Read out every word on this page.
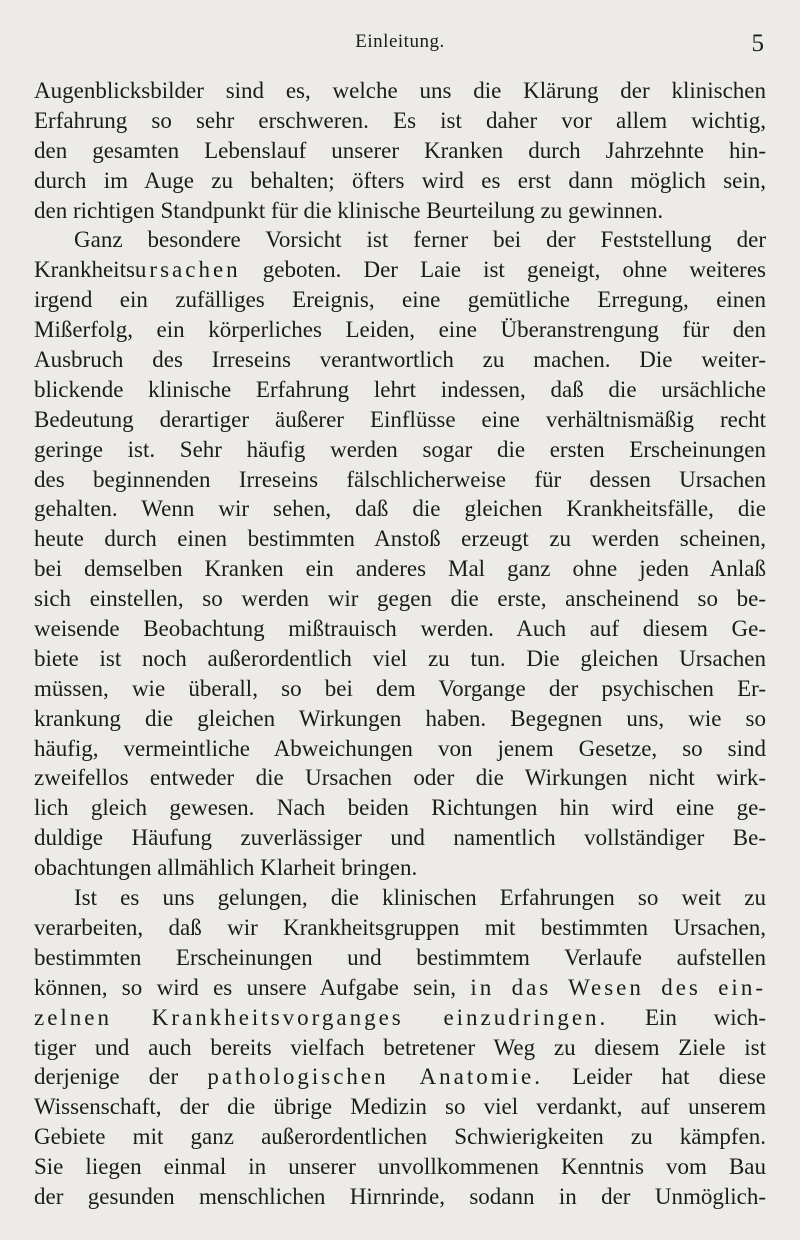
Einleitung.	5
Augenblicksbilder sind es, welche uns die Klärung der klinischen
Erfahrung so sehr erschweren. Es ist daher vor allem wichtig,
den gesamten Lebenslauf unserer Kranken durch Jahrzehnte hin-
durch im Auge zu behalten; öfters wird es erst dann möglich sein,
den richtigen Standpunkt für die klinische Beurteilung zu gewinnen.
Ganz besondere Vorsicht ist ferner bei der Feststellung der
Krankheitsursachen geboten. Der Laie ist geneigt, ohne weiteres
irgend ein zufälliges Ereignis, eine gemütliche Erregung, einen
Mißerfolg, ein körperliches Leiden, eine Überanstrengung für den
Ausbruch des Irreseins verantwortlich zu machen. Die weiter-
blickende klinische Erfahrung lehrt indessen, daß die ursächliche
Bedeutung derartiger äußerer Einflüsse eine verhältnismäßig recht
geringe ist. Sehr häufig werden sogar die ersten Erscheinungen
des beginnenden Irreseins fälschlicherweise für dessen Ursachen
gehalten. Wenn wir sehen, daß die gleichen Krankheitsfälle, die
heute durch einen bestimmten Anstoß erzeugt zu werden scheinen,
bei demselben Kranken ein anderes Mal ganz ohne jeden Anlaß
sich einstellen, so werden wir gegen die erste, anscheinend so be-
weisende Beobachtung mißtrauisch werden. Auch auf diesem Ge-
biete ist noch außerordentlich viel zu tun. Die gleichen Ursachen
müssen, wie überall, so bei dem Vorgange der psychischen Er-
krankung die gleichen Wirkungen haben. Begegnen uns, wie so
häufig, vermeintliche Abweichungen von jenem Gesetze, so sind
zweifellos entweder die Ursachen oder die Wirkungen nicht wirk-
lich gleich gewesen. Nach beiden Richtungen hin wird eine ge-
duldige Häufung zuverlässiger und namentlich vollständiger Be-
obachtungen allmählich Klarheit bringen.
Ist es uns gelungen, die klinischen Erfahrungen so weit zu
verarbeiten, daß wir Krankheitsgruppen mit bestimmten Ursachen,
bestimmten Erscheinungen und bestimmtem Verlaufe aufstellen
können, so wird es unsere Aufgabe sein, in das Wesen des ein-
zelnen Krankheitsvorganges einzudringen. Ein wich-
tiger und auch bereits vielfach betretener Weg zu diesem Ziele ist
derjenige der pathologischen Anatomie. Leider hat diese
Wissenschaft, der die übrige Medizin so viel verdankt, auf unserem
Gebiete mit ganz außerordentlichen Schwierigkeiten zu kämpfen.
Sie liegen einmal in unserer unvollkommenen Kenntnis vom Bau
der gesunden menschlichen Hirnrinde, sodann in der Unmöglich-
